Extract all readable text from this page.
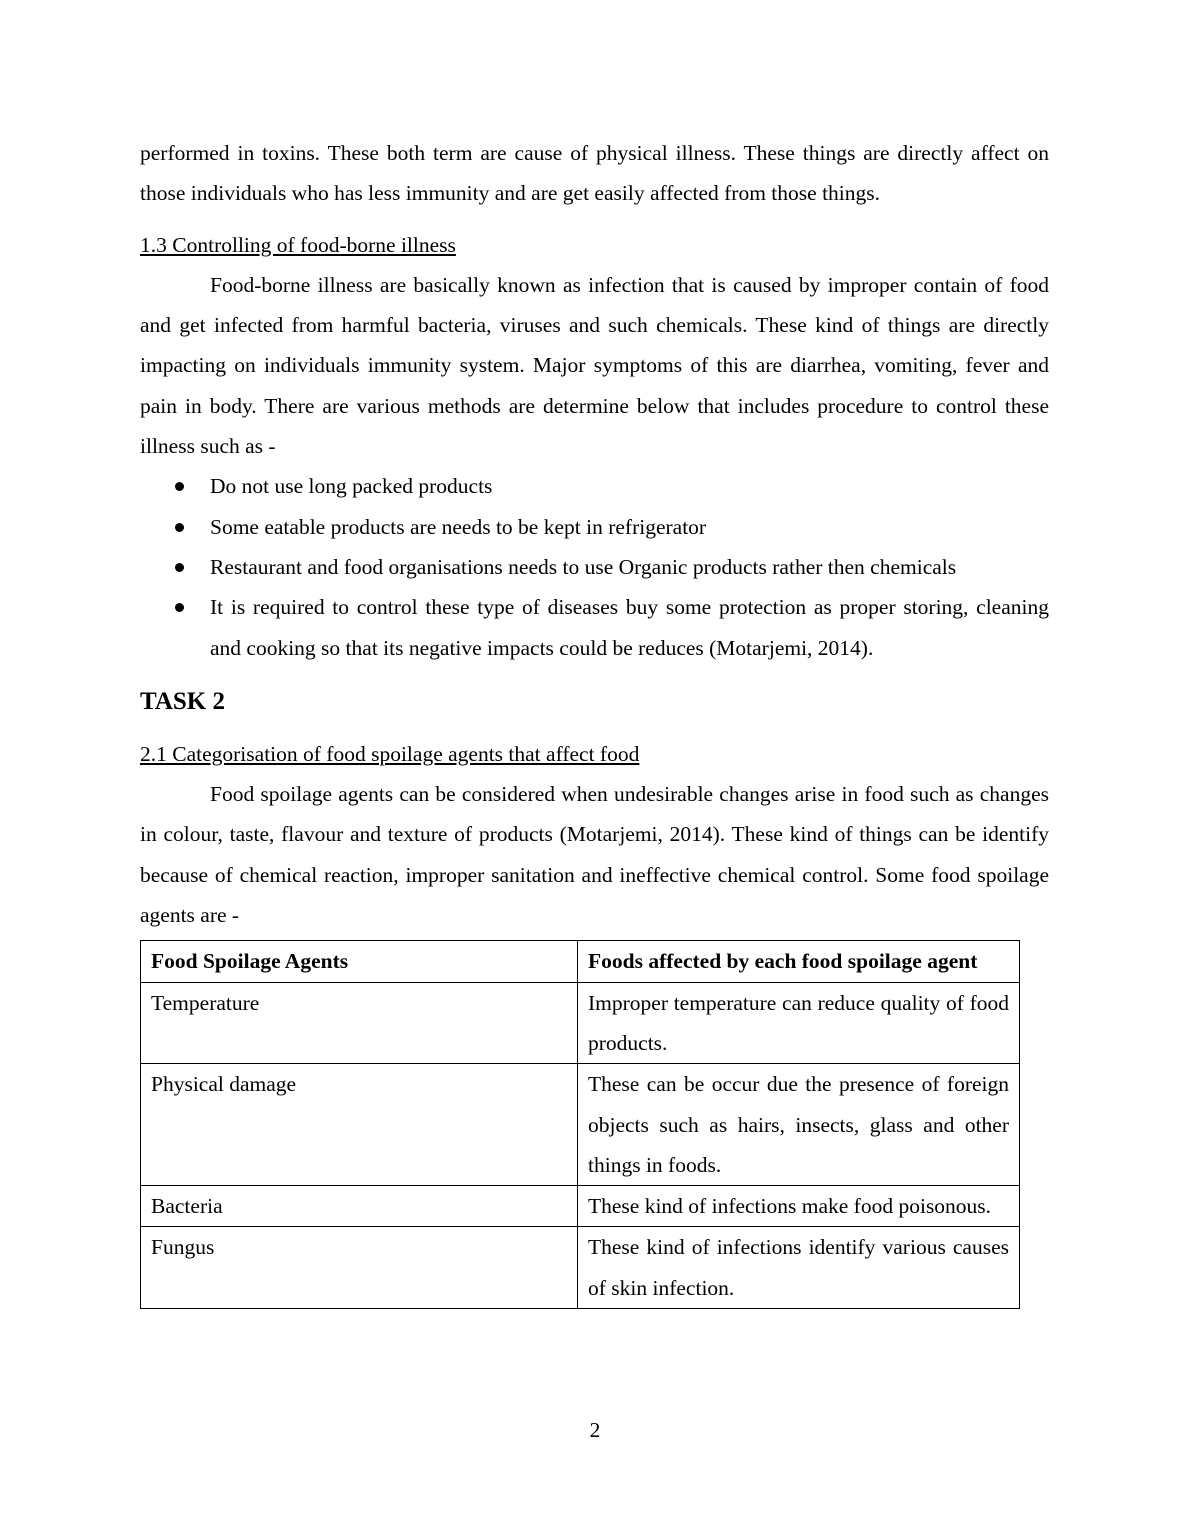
performed in toxins. These both term are cause of physical illness. These things are directly affect on those individuals who has less immunity and are get easily affected from those things.

1.3 Controlling of food-borne illness

Food-borne illness are basically known as infection that is caused by improper contain of food and get infected from harmful bacteria, viruses and such chemicals. These kind of things are directly impacting on individuals immunity system. Major symptoms of this are diarrhea, vomiting, fever and pain in body. There are various methods are determine below that includes procedure to control these illness such as -

Do not use long packed products
Some eatable products are needs to be kept in refrigerator
Restaurant and food organisations needs to use Organic products rather then chemicals
It is required to control these type of diseases buy some protection as proper storing, cleaning and cooking so that its negative impacts could be reduces (Motarjemi, 2014).
TASK 2

2.1 Categorisation of food spoilage agents that affect food

Food spoilage agents can be considered when undesirable changes arise in food such as changes in colour, taste, flavour and texture of products (Motarjemi, 2014). These kind of things can be identify because of chemical reaction, improper sanitation and ineffective chemical control. Some food spoilage agents are -

Food Spoilage Agents	Foods affected by each food spoilage agent
Temperature	Improper temperature can reduce quality of food products.
Physical damage	These can be occur due the presence of foreign objects such as hairs, insects, glass and other things in foods.
Bacteria	These kind of infections make food poisonous.
Fungus	These kind of infections identify various causes of skin infection.
2
